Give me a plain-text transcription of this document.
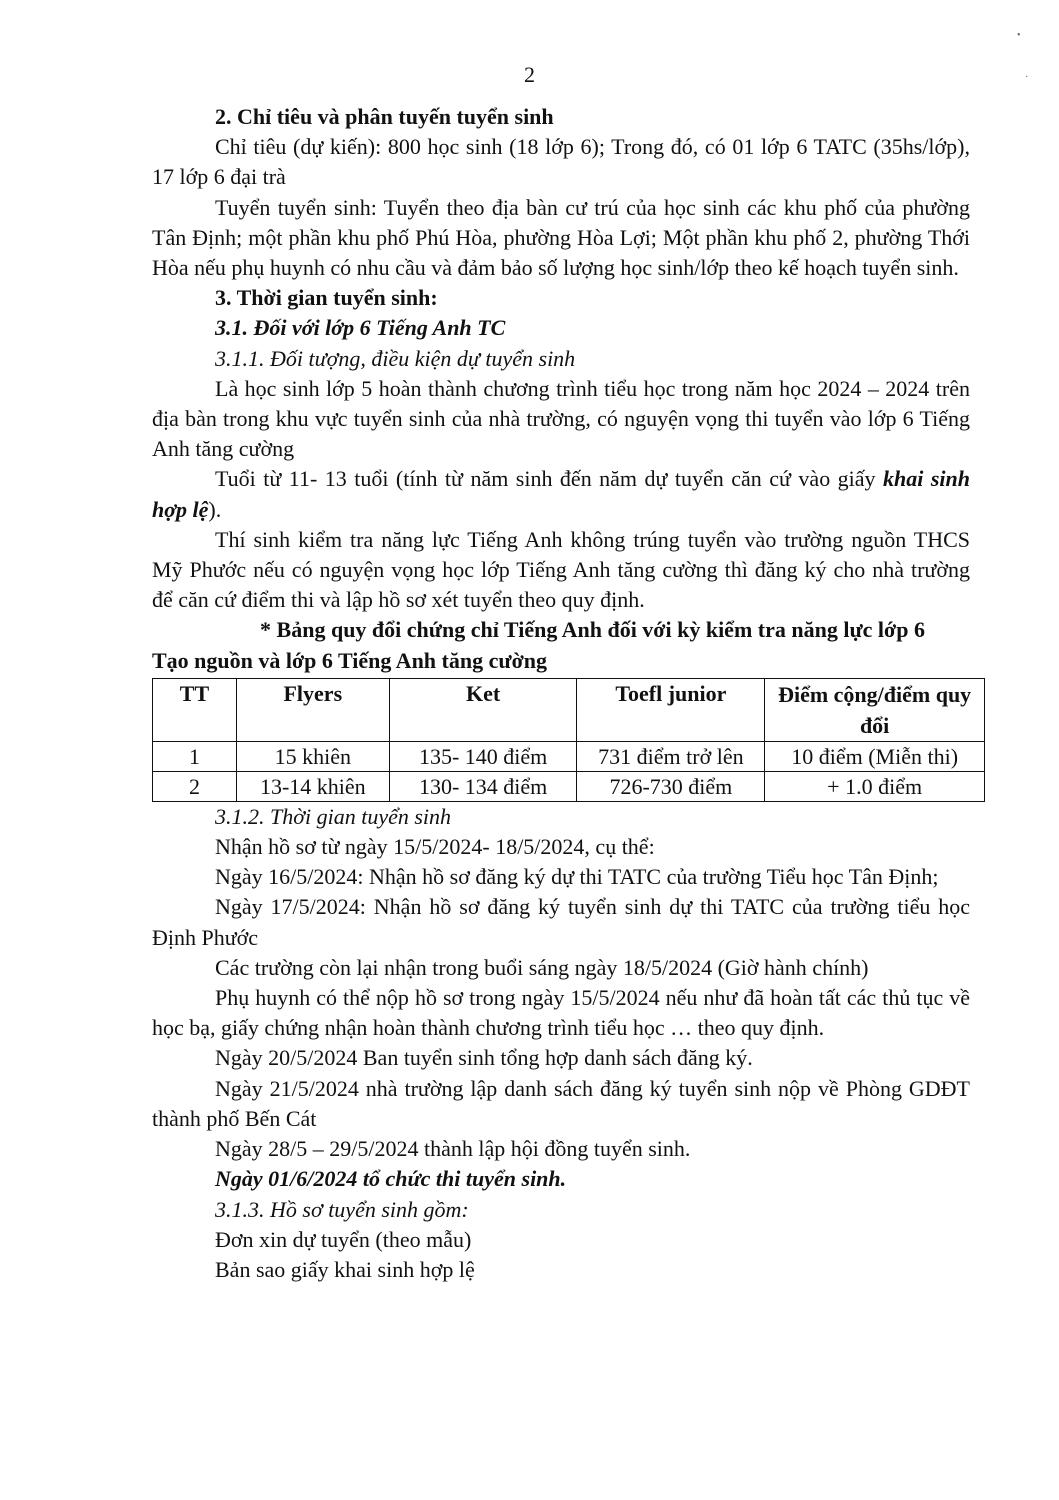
•
·
2

2. Chỉ tiêu và phân tuyến tuyển sinh

Chỉ tiêu (dự kiến): 800 học sinh (18 lớp 6); Trong đó, có 01 lớp 6 TATC (35hs/lớp), 17 lớp 6 đại trà

Tuyển tuyển sinh: Tuyển theo địa bàn cư trú của học sinh các khu phố của phường Tân Định; một phần khu phố Phú Hòa, phường Hòa Lợi; Một phần khu phố 2, phường Thới Hòa nếu phụ huynh có nhu cầu và đảm bảo số lượng học sinh/lớp theo kế hoạch tuyển sinh.

3. Thời gian tuyển sinh:

3.1. Đối với lớp 6 Tiếng Anh TC

3.1.1. Đối tượng, điều kiện dự tuyển sinh

Là học sinh lớp 5 hoàn thành chương trình tiểu học trong năm học 2024 – 2024 trên địa bàn trong khu vực tuyển sinh của nhà trường, có nguyện vọng thi tuyển vào lớp 6 Tiếng Anh tăng cường

Tuổi từ 11- 13 tuổi (tính từ năm sinh đến năm dự tuyển căn cứ vào giấy khai sinh hợp lệ).

Thí sinh kiểm tra năng lực Tiếng Anh không trúng tuyển vào trường nguồn THCS Mỹ Phước nếu có nguyện vọng học lớp Tiếng Anh tăng cường thì đăng ký cho nhà trường để căn cứ điểm thi và lập hồ sơ xét tuyển theo quy định.

* Bảng quy đổi chứng chỉ Tiếng Anh đối với kỳ kiểm tra năng lực lớp 6

Tạo nguồn và lớp 6 Tiếng Anh tăng cường

TT	Flyers	Ket	Toefl junior	Điểm cộng/điểm quy đổi
1	15 khiên	135- 140 điểm	731 điểm trở lên	10 điểm (Miễn thi)
2	13-14 khiên	130- 134 điểm	726-730 điểm	+ 1.0 điểm

3.1.2. Thời gian tuyển sinh

Nhận hồ sơ từ ngày 15/5/2024- 18/5/2024, cụ thể:

Ngày 16/5/2024: Nhận hồ sơ đăng ký dự thi TATC của trường Tiểu học Tân Định;

Ngày 17/5/2024: Nhận hồ sơ đăng ký tuyển sinh dự thi TATC của trường tiểu học Định Phước

Các trường còn lại nhận trong buổi sáng ngày 18/5/2024 (Giờ hành chính)

Phụ huynh có thể nộp hồ sơ trong ngày 15/5/2024 nếu như đã hoàn tất các thủ tục về học bạ, giấy chứng nhận hoàn thành chương trình tiểu học … theo quy định.

Ngày 20/5/2024 Ban tuyển sinh tổng hợp danh sách đăng ký.

Ngày 21/5/2024 nhà trường lập danh sách đăng ký tuyển sinh nộp về Phòng GDĐT thành phố Bến Cát

Ngày 28/5 – 29/5/2024 thành lập hội đồng tuyển sinh.

Ngày 01/6/2024 tổ chức thi tuyển sinh.

3.1.3. Hồ sơ tuyển sinh gồm:

Đơn xin dự tuyển (theo mẫu)

Bản sao giấy khai sinh hợp lệ
